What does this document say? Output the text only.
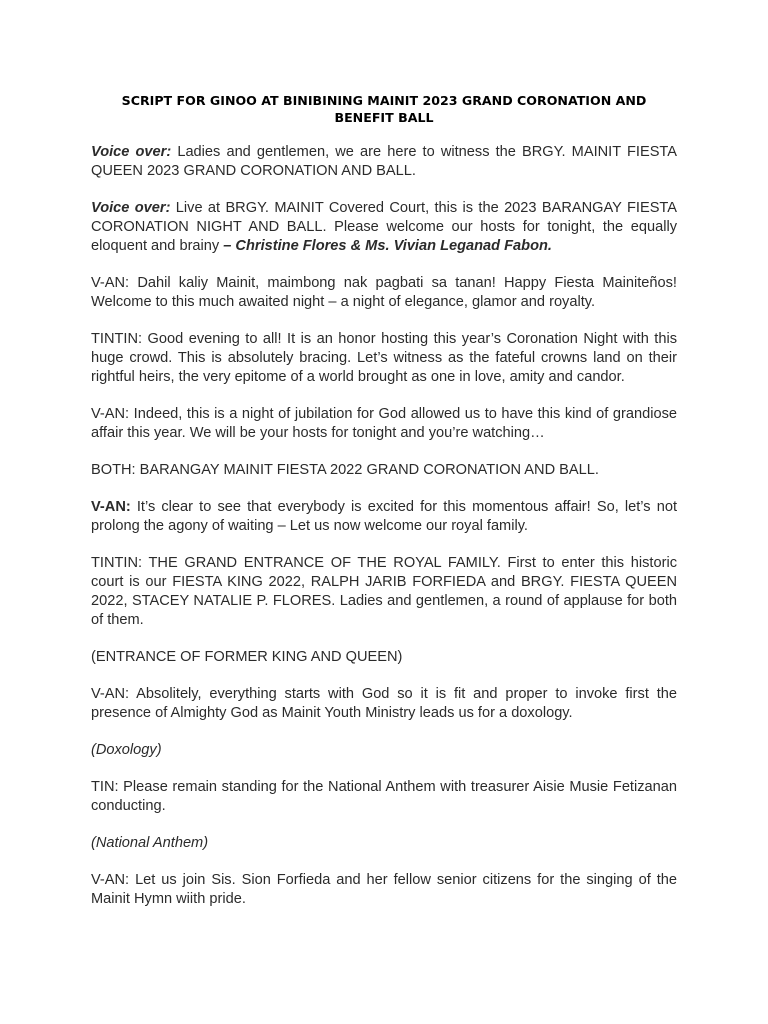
SCRIPT FOR GINOO AT BINIBINING MAINIT 2023 GRAND CORONATION AND BENEFIT BALL
Voice over: Ladies and gentlemen, we are here to witness the BRGY. MAINIT FIESTA QUEEN 2023 GRAND CORONATION AND BALL.
Voice over: Live at BRGY. MAINIT Covered Court, this is the 2023 BARANGAY FIESTA CORONATION NIGHT AND BALL. Please welcome our hosts for tonight, the equally eloquent and brainy – Christine Flores & Ms. Vivian Leganad Fabon.
V-AN: Dahil kaliy Mainit, maimbong nak pagbati sa tanan! Happy Fiesta Mainiteños! Welcome to this much awaited night – a night of elegance, glamor and royalty.
TINTIN: Good evening to all! It is an honor hosting this year’s Coronation Night with this huge crowd. This is absolutely bracing. Let’s witness as the fateful crowns land on their rightful heirs, the very epitome of a world brought as one in love, amity and candor.
V-AN: Indeed, this is a night of jubilation for God allowed us to have this kind of grandiose affair this year. We will be your hosts for tonight and you’re watching…
BOTH: BARANGAY MAINIT FIESTA 2022 GRAND CORONATION AND BALL.
V-AN: It’s clear to see that everybody is excited for this momentous affair! So, let’s not prolong the agony of waiting – Let us now welcome our royal family.
TINTIN: THE GRAND ENTRANCE OF THE ROYAL FAMILY. First to enter this historic court is our FIESTA KING 2022, RALPH JARIB FORFIEDA and BRGY. FIESTA QUEEN 2022, STACEY NATALIE P. FLORES. Ladies and gentlemen, a round of applause for both of them.
(ENTRANCE OF FORMER KING AND QUEEN)
V-AN: Absolitely, everything starts with God so it is fit and proper to invoke first the presence of Almighty God as Mainit Youth Ministry leads us for a doxology.
(Doxology)
TIN: Please remain standing for the National Anthem with treasurer Aisie Musie Fetizanan conducting.
(National Anthem)
V-AN: Let us join Sis. Sion Forfieda and her fellow senior citizens for the singing of the Mainit Hymn wiith pride.
